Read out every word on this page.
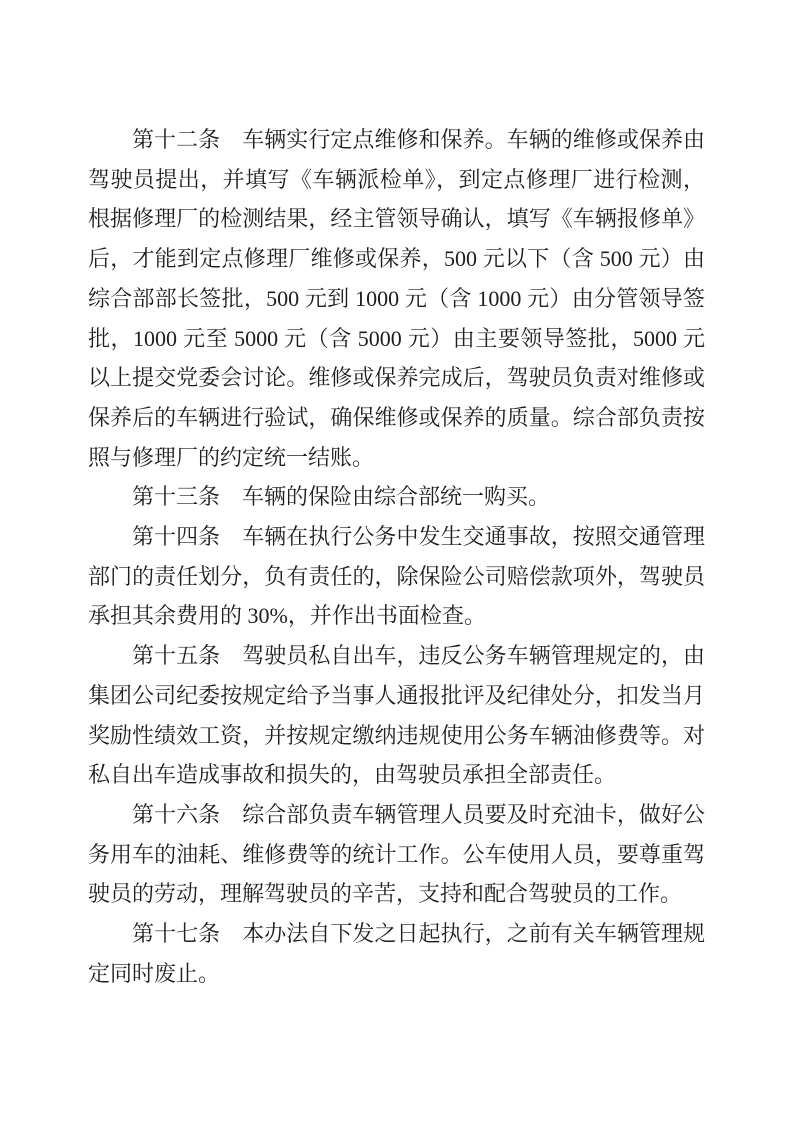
第十二条　车辆实行定点维修和保养。车辆的维修或保养由驾驶员提出，并填写《车辆派检单》，到定点修理厂进行检测，根据修理厂的检测结果，经主管领导确认，填写《车辆报修单》后，才能到定点修理厂维修或保养，500 元以下（含 500 元）由综合部部长签批，500 元到 1000 元（含 1000 元）由分管领导签批，1000 元至 5000 元（含 5000 元）由主要领导签批，5000 元以上提交党委会讨论。维修或保养完成后，驾驶员负责对维修或保养后的车辆进行验试，确保维修或保养的质量。综合部负责按照与修理厂的约定统一结账。

第十三条　车辆的保险由综合部统一购买。

第十四条　车辆在执行公务中发生交通事故，按照交通管理部门的责任划分，负有责任的，除保险公司赔偿款项外，驾驶员承担其余费用的 30%，并作出书面检查。

第十五条　驾驶员私自出车，违反公务车辆管理规定的，由集团公司纪委按规定给予当事人通报批评及纪律处分，扣发当月奖励性绩效工资，并按规定缴纳违规使用公务车辆油修费等。对私自出车造成事故和损失的，由驾驶员承担全部责任。

第十六条　综合部负责车辆管理人员要及时充油卡，做好公务用车的油耗、维修费等的统计工作。公车使用人员，要尊重驾驶员的劳动，理解驾驶员的辛苦，支持和配合驾驶员的工作。

第十七条　本办法自下发之日起执行，之前有关车辆管理规定同时废止。
